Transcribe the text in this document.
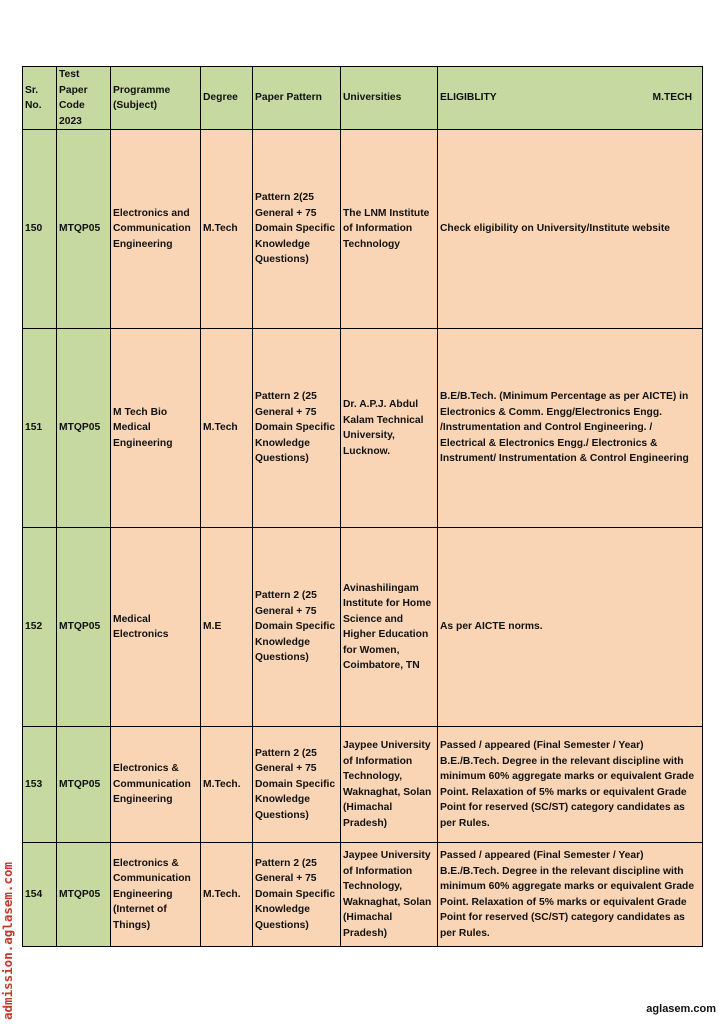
Sr. No.	Test Paper Code 2023	Programme (Subject)	Degree	Paper Pattern	Universities	ELIGIBLITY M.TECH

150	MTQP05	Electronics and Communication Engineering	M.Tech	Pattern 2(25 General + 75 Domain Specific Knowledge Questions)	The LNM Institute of Information Technology	Check eligibility on University/Institute website
151	MTQP05	M Tech Bio Medical Engineering	M.Tech	Pattern 2 (25 General + 75 Domain Specific Knowledge Questions)	Dr. A.P.J. Abdul Kalam Technical University, Lucknow.	B.E/B.Tech. (Minimum Percentage as per AICTE) in Electronics & Comm. Engg/Electronics Engg. /Instrumentation and Control Engineering. / Electrical & Electronics Engg./ Electronics & Instrument/ Instrumentation & Control Engineering
152	MTQP05	Medical Electronics	M.E	Pattern 2 (25 General + 75 Domain Specific Knowledge Questions)	Avinashilingam Institute for Home Science and Higher Education for Women, Coimbatore, TN	As per AICTE norms.
153	MTQP05	Electronics & Communication Engineering	M.Tech.	Pattern 2 (25 General + 75 Domain Specific Knowledge Questions)	Jaypee University of Information Technology, Waknaghat, Solan (Himachal Pradesh)	Passed / appeared (Final Semester / Year) B.E./B.Tech. Degree in the relevant discipline with minimum 60% aggregate marks or equivalent Grade Point. Relaxation of 5% marks or equivalent Grade Point for reserved (SC/ST) category candidates as per Rules.
154	MTQP05	Electronics & Communication Engineering (Internet of Things)	M.Tech.	Pattern 2 (25 General + 75 Domain Specific Knowledge Questions)	Jaypee University of Information Technology, Waknaghat, Solan (Himachal Pradesh)	Passed / appeared (Final Semester / Year) B.E./B.Tech. Degree in the relevant discipline with minimum 60% aggregate marks or equivalent Grade Point. Relaxation of 5% marks or equivalent Grade Point for reserved (SC/ST) category candidates as per Rules.
admission.aglasem.com	aglasem.com
